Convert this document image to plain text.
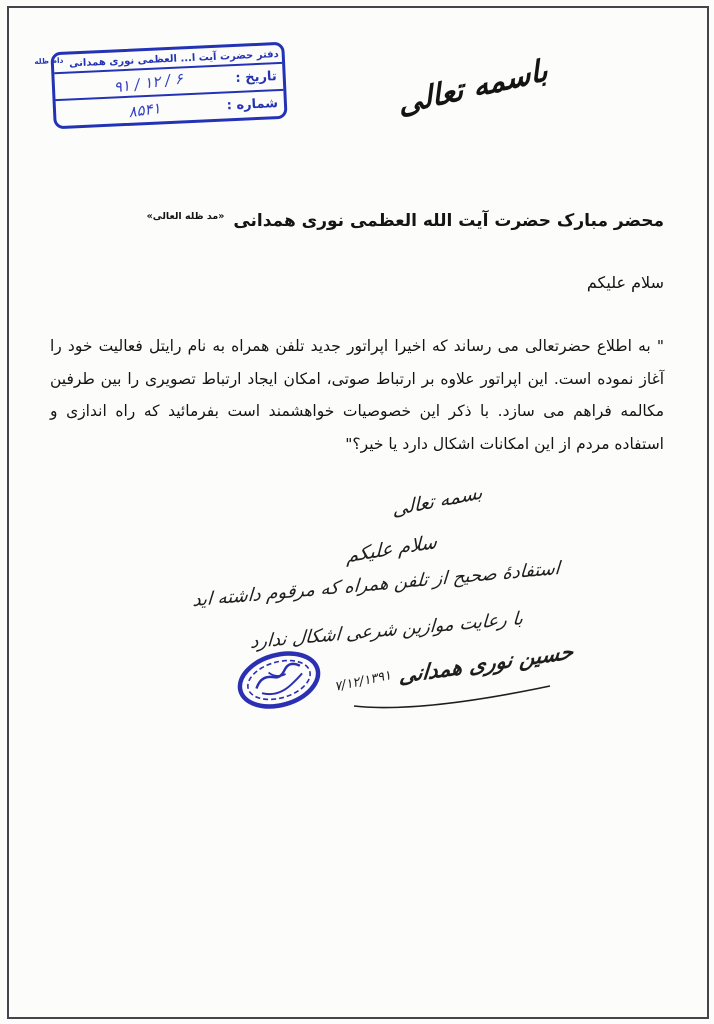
دفتر حضرت آیت ا... العظمی نوری همدانی $^{دام ظله}$
تاریخ :
۹۱ / ۱۲ / ۶
شماره :
۸۵۴۱	باسمه تعالی
محضر مبارک حضرت آیت الله العظمی نوری همدانی $^{«مد ظله العالی»}$
سلام علیکم
" به اطلاع حضرتعالی می رساند که اخیرا اپراتور جدید تلفن همراه به نام رایتل فعالیت خود را
آغاز نموده است. این اپراتور علاوه بر ارتباط صوتی، امکان ایجاد ارتباط تصویری را بین طرفین
مکالمه فراهم می سازد. با ذکر این خصوصیات خواهشمند است بفرمائید که راه اندازی و
استفاده مردم از این امکانات اشکال دارد یا خیر؟"
بسمه تعالی
سلام علیکم
استفادهٔ صحیح از تلفن همراه که مرقوم داشته اید
با رعایت موازین شرعی اشکال ندارد
حسین نوری همدانی
۷/۱۲/۱۳۹۱
